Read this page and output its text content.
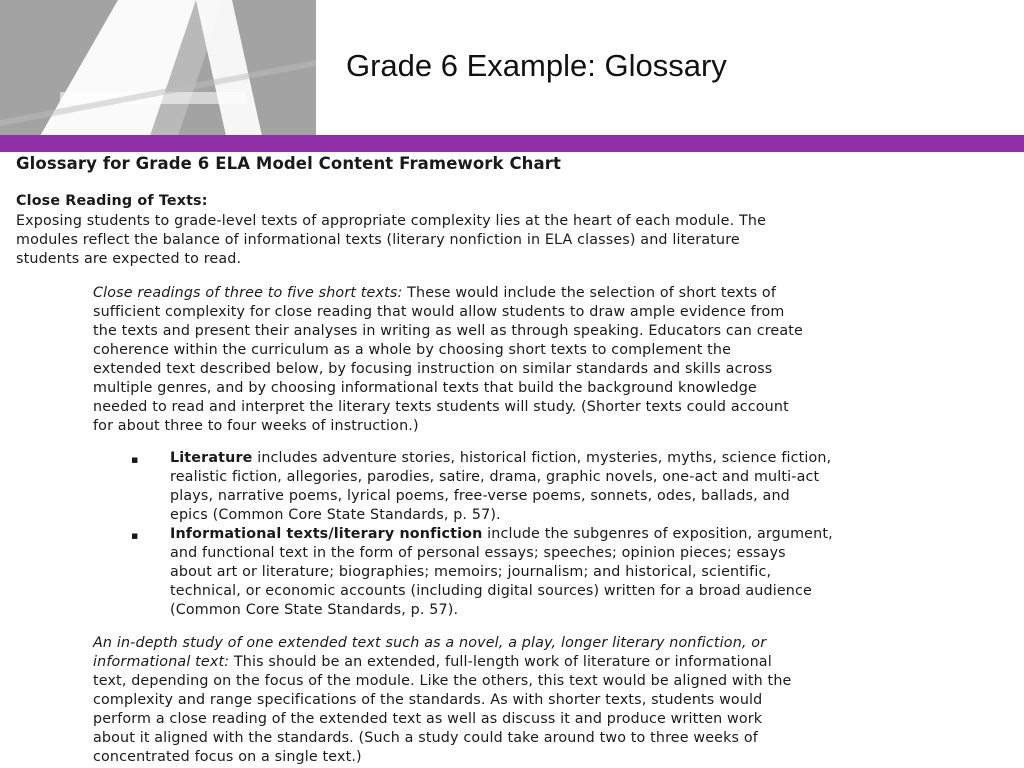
Grade 6 Example: Glossary
Glossary for Grade 6 ELA Model Content Framework Chart
Close Reading of Texts:
Exposing students to grade-level texts of appropriate complexity lies at the heart of each module. The
modules reflect the balance of informational texts (literary nonfiction in ELA classes) and literature
students are expected to read.
Close readings of three to five short texts: These would include the selection of short texts of
sufficient complexity for close reading that would allow students to draw ample evidence from
the texts and present their analyses in writing as well as through speaking. Educators can create
coherence within the curriculum as a whole by choosing short texts to complement the
extended text described below, by focusing instruction on similar standards and skills across
multiple genres, and by choosing informational texts that build the background knowledge
needed to read and interpret the literary texts students will study. (Shorter texts could account
for about three to four weeks of instruction.)
▪ Literature includes adventure stories, historical fiction, mysteries, myths, science fiction,
realistic fiction, allegories, parodies, satire, drama, graphic novels, one-act and multi-act
plays, narrative poems, lyrical poems, free-verse poems, sonnets, odes, ballads, and
epics (Common Core State Standards, p. 57).
▪ Informational texts/literary nonfiction include the subgenres of exposition, argument,
and functional text in the form of personal essays; speeches; opinion pieces; essays
about art or literature; biographies; memoirs; journalism; and historical, scientific,
technical, or economic accounts (including digital sources) written for a broad audience
(Common Core State Standards, p. 57).
An in-depth study of one extended text such as a novel, a play, longer literary nonfiction, or
informational text: This should be an extended, full-length work of literature or informational
text, depending on the focus of the module. Like the others, this text would be aligned with the
complexity and range specifications of the standards. As with shorter texts, students would
perform a close reading of the extended text as well as discuss it and produce written work
about it aligned with the standards. (Such a study could take around two to three weeks of
concentrated focus on a single text.)
